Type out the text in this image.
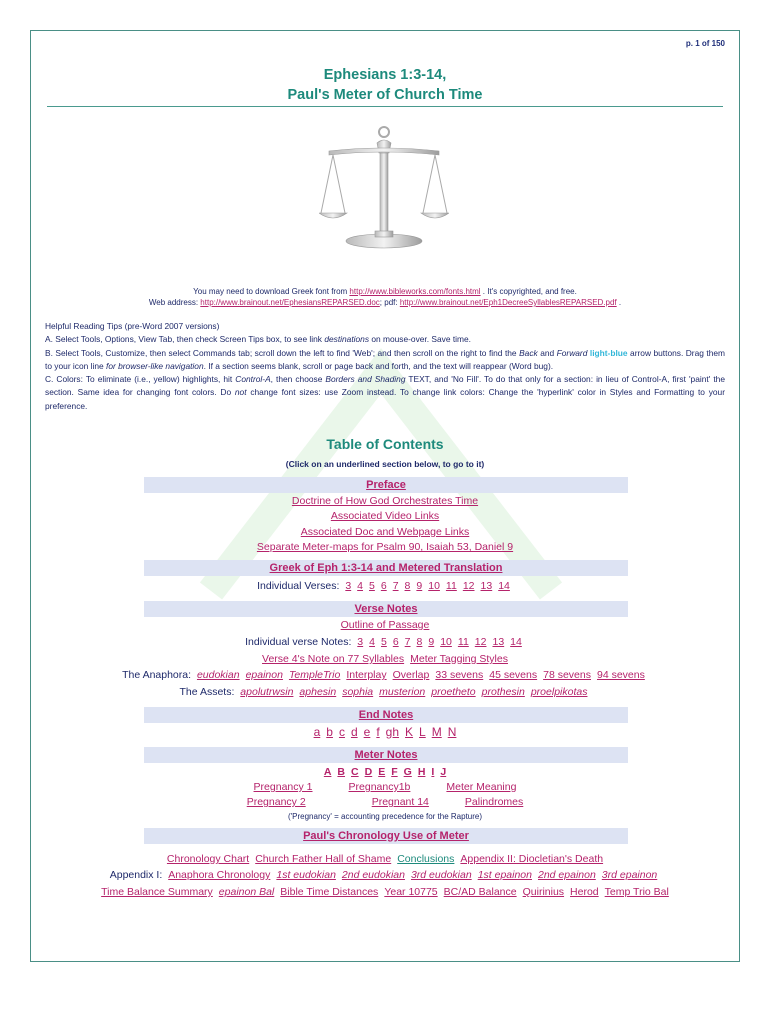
p. 1 of 150
Ephesians 1:3-14,
Paul's Meter of Church Time
You may need to download Greek font from http://www.bibleworks.com/fonts.html . It's copyrighted, and free.
Web address: http://www.brainout.net/EphesiansREPARSED.doc; pdf: http://www.brainout.net/Eph1DecreeSyllablesREPARSED.pdf .
Helpful Reading Tips (pre-Word 2007 versions)
A. Select Tools, Options, View Tab, then check Screen Tips box, to see link destinations on mouse-over. Save time.
B. Select Tools, Customize, then select Commands tab; scroll down the left to find 'Web'; and then scroll on the right to find the Back and Forward light-blue arrow buttons. Drag them to your icon line for browser-like navigation. If a section seems blank, scroll or page back and forth, and the text will reappear (Word bug).
C. Colors: To eliminate (i.e., yellow) highlights, hit Control-A, then choose Borders and Shading TEXT, and 'No Fill'. To do that only for a section: in lieu of Control-A, first 'paint' the section. Same idea for changing font colors. Do not change font sizes: use Zoom instead. To change link colors: Change the 'hyperlink' color in Styles and Formatting to your preference.
Table of Contents
(Click on an underlined section below, to go to it)
Preface
Doctrine of How God Orchestrates Time
Associated Video Links
Associated Doc and Webpage Links
Separate Meter-maps for Psalm 90, Isaiah 53, Daniel 9
Greek of Eph 1:3-14 and Metered Translation
Individual Verses: 3 4 5 6 7 8 9 10 11 12 13 14
Verse Notes
Outline of Passage
Individual verse Notes: 3 4 5 6 7 8 9 10 11 12 13 14
Verse 4's Note on 77 Syllables Meter Tagging Styles
The Anaphora: eudokian epainon TempleTrio Interplay Overlap 33 sevens 45 sevens 78 sevens 94 sevens
The Assets: apolutrwsin aphesin sophia musterion proetheto prothesin proelpikotas
End Notes
a b c d e f gh K L M N
Meter Notes
A B C D E F G H I J
Pregnancy 1	Pregnancy1b	Meter Meaning
Pregnancy 2	Pregnant 14	Palindromes
('Pregnancy' = accounting precedence for the Rapture)
Paul's Chronology Use of Meter
Chronology Chart Church Father Hall of Shame Conclusions Appendix II: Diocletian's Death
Appendix I: Anaphora Chronology 1st eudokian 2nd eudokian 3rd eudokian 1st epainon 2nd epainon 3rd epainon
Time Balance Summary epainon Bal Bible Time Distances Year 10775 BC/AD Balance Quirinius Herod Temp Trio Bal
